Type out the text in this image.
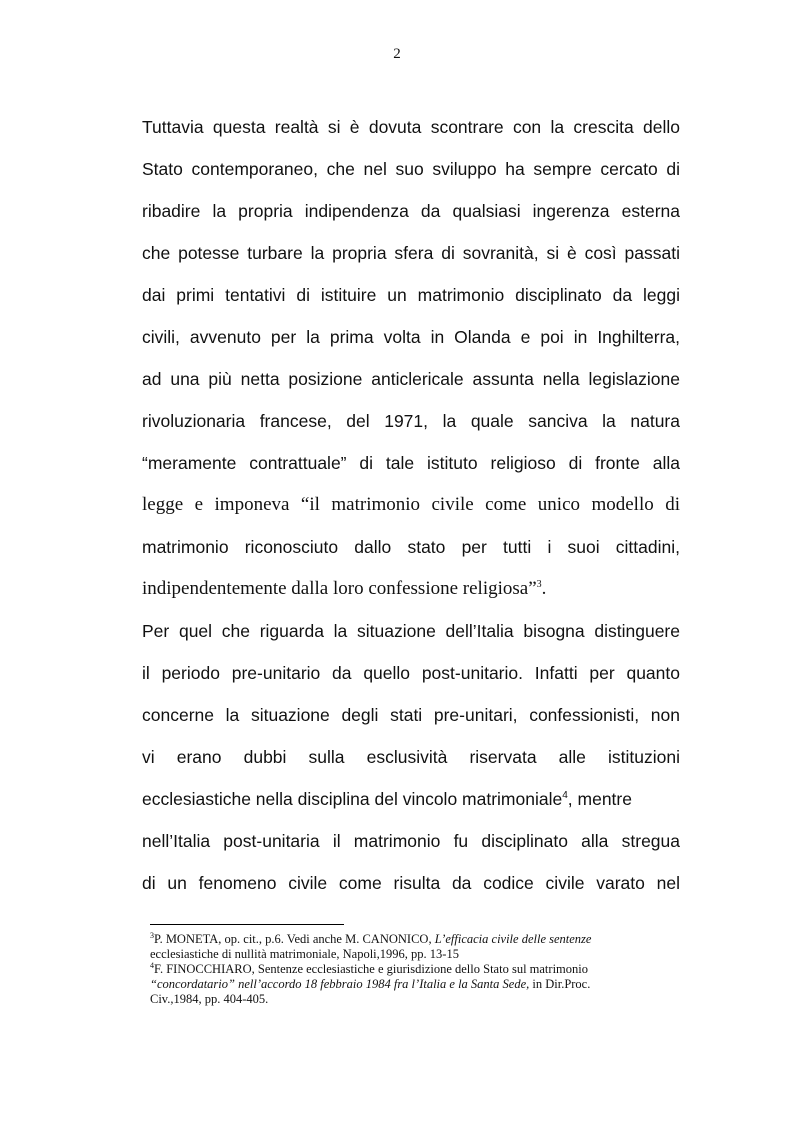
2
Tuttavia questa realtà si è dovuta scontrare con la crescita dello
Stato contemporaneo, che nel suo sviluppo ha sempre cercato di
ribadire la propria indipendenza da qualsiasi ingerenza esterna
che potesse turbare la propria sfera di sovranità, si è così passati
dai primi tentativi di istituire un matrimonio disciplinato da leggi
civili, avvenuto per la prima volta in Olanda e poi in Inghilterra,
ad una più netta posizione anticlericale assunta nella legislazione
rivoluzionaria francese, del 1971, la quale sanciva la natura
“meramente contrattuale” di tale istituto religioso di fronte alla
legge e imponeva “il matrimonio civile come unico modello di
matrimonio riconosciuto dallo stato per tutti i suoi cittadini,
indipendentemente dalla loro confessione religiosa”$^3$.
Per quel che riguarda la situazione dell’Italia bisogna distinguere
il periodo pre-unitario da quello post-unitario. Infatti per quanto
concerne la situazione degli stati pre-unitari, confessionisti, non
vi erano dubbi sulla esclusività riservata alle istituzioni
ecclesiastiche nella disciplina del vincolo matrimoniale$^4$, mentre
nell’Italia post-unitaria il matrimonio fu disciplinato alla stregua
di un fenomeno civile come risulta da codice civile varato nel
$^3$P. MONETA, op. cit., p.6. Vedi anche M. CANONICO, L’efficacia civile delle sentenze
ecclesiastiche di nullità matrimoniale, Napoli,1996, pp. 13-15
$^4$F. FINOCCHIARO, Sentenze ecclesiastiche e giurisdizione dello Stato sul matrimonio
“concordatario” nell’accordo 18 febbraio 1984 fra l’Italia e la Santa Sede, in Dir.Proc.
Civ.,1984, pp. 404-405.
